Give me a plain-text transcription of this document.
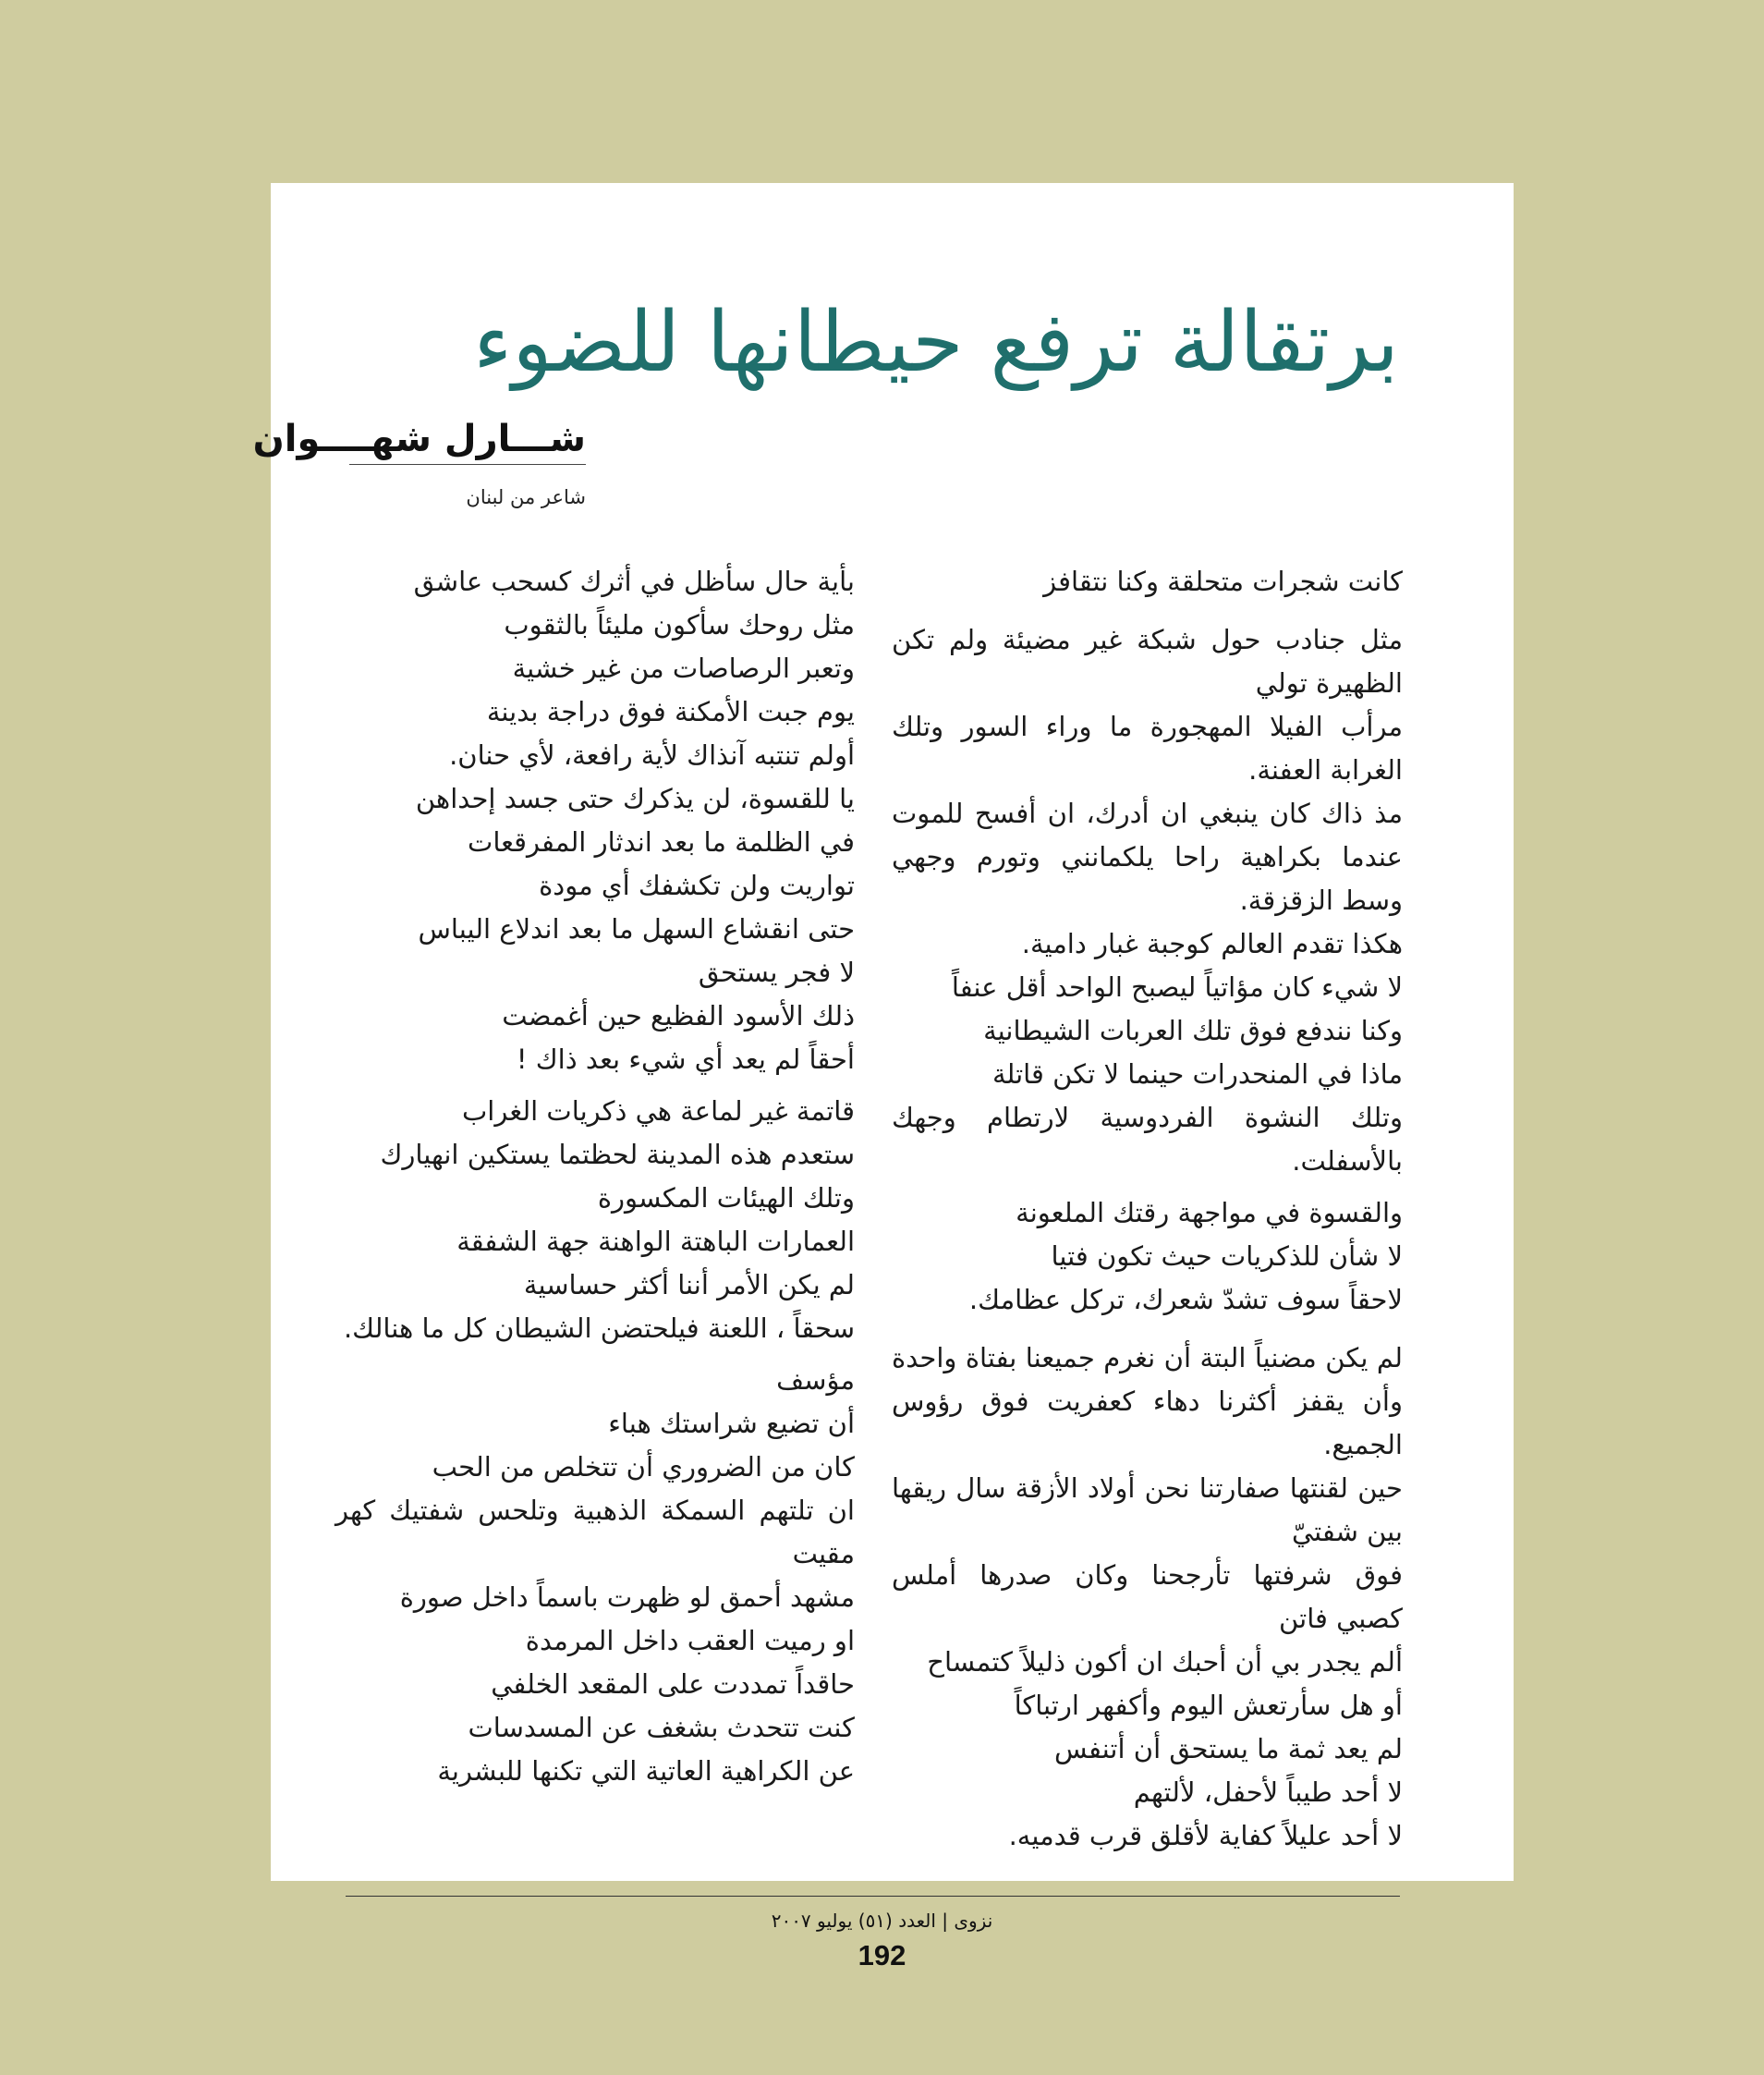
برتقالة ترفع حيطانها للضوء
شـــارل شهــــوان
شاعر من لبنان

كانت شجرات متحلقة وكنا نتقافز

مثل جنادب حول شبكة غير مضيئة ولم تكن الظهيرة تولي

مرأب الفيلا المهجورة ما وراء السور وتلك الغرابة العفنة.

مذ ذاك كان ينبغي ان أدرك، ان أفسح للموت عندما بكراهية راحا يلكمانني وتورم وجهي وسط الزقزقة.

هكذا تقدم العالم كوجبة غبار دامية.

لا شيء كان مؤاتياً ليصبح الواحد أقل عنفاً

وكنا نندفع فوق تلك العربات الشيطانية

ماذا في المنحدرات حينما لا تكن قاتلة

وتلك النشوة الفردوسية لارتطام وجهك بالأسفلت.

والقسوة في مواجهة رقتك الملعونة

لا شأن للذكريات حيث تكون فتيا

لاحقاً سوف تشدّ شعرك، تركل عظامك.

لم يكن مضنياً البتة أن نغرم جميعنا بفتاة واحدة وأن يقفز أكثرنا دهاء كعفريت فوق رؤوس الجميع.

حين لقنتها صفارتنا نحن أولاد الأزقة سال ريقها بين شفتيّ

فوق شرفتها تأرجحنا وكان صدرها أملس كصبي فاتن

ألم يجدر بي أن أحبك ان أكون ذليلاً كتمساح

أو هل سأرتعش اليوم وأكفهر ارتباكاً

لم يعد ثمة ما يستحق أن أتنفس

لا أحد طيباً لأحفل، لألتهم

لا أحد عليلاً كفاية لأقلق قرب قدميه.

بأية حال سأظل في أثرك كسحب عاشق

مثل روحك سأكون مليئاً بالثقوب

وتعبر الرصاصات من غير خشية

يوم جبت الأمكنة فوق دراجة بدينة

أولم تنتبه آنذاك لأية رافعة، لأي حنان.

يا للقسوة، لن يذكرك حتى جسد إحداهن

في الظلمة ما بعد اندثار المفرقعات

تواريت ولن تكشفك أي مودة

حتى انقشاع السهل ما بعد اندلاع اليباس

لا فجر يستحق

ذلك الأسود الفظيع حين أغمضت

أحقاً لم يعد أي شيء بعد ذاك !

قاتمة غير لماعة هي ذكريات الغراب

ستعدم هذه المدينة لحظتما يستكين انهيارك

وتلك الهيئات المكسورة

العمارات الباهتة الواهنة جهة الشفقة

لم يكن الأمر أننا أكثر حساسية

سحقاً ، اللعنة فيلحتضن الشيطان كل ما هنالك.

مؤسف

أن تضيع شراستك هباء

كان من الضروري أن تتخلص من الحب

ان تلتهم السمكة الذهبية وتلحس شفتيك كهر مقيت

مشهد أحمق لو ظهرت باسماً داخل صورة

او رميت العقب داخل المرمدة

حاقداً تمددت على المقعد الخلفي

كنت تتحدث بشغف عن المسدسات

عن الكراهية العاتية التي تكنها للبشرية

نزوى | العدد (٥١) يوليو ٢٠٠٧
192
